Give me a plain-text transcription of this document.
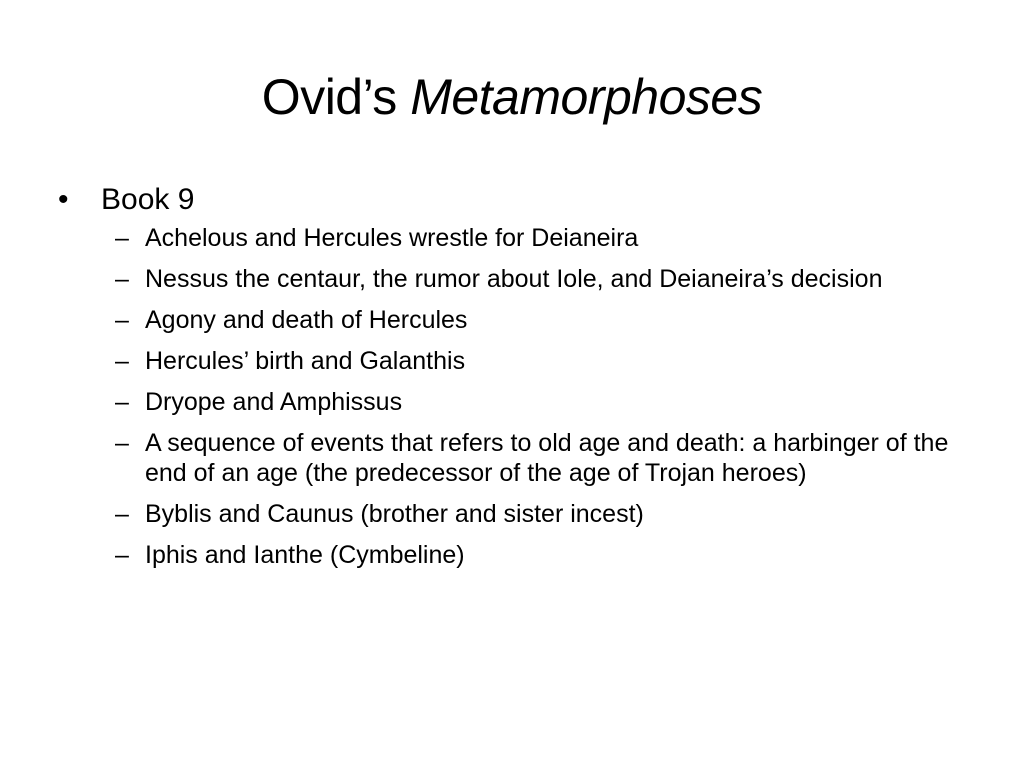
Ovid’s Metamorphoses
• Book 9
– Achelous and Hercules wrestle for Deianeira
– Nessus the centaur, the rumor about Iole, and Deianeira’s decision
– Agony and death of Hercules
– Hercules’ birth and Galanthis
– Dryope and Amphissus
– A sequence of events that refers to old age and death: a harbinger of the end of an age (the predecessor of the age of Trojan heroes)
– Byblis and Caunus (brother and sister incest)
– Iphis and Ianthe (Cymbeline)
